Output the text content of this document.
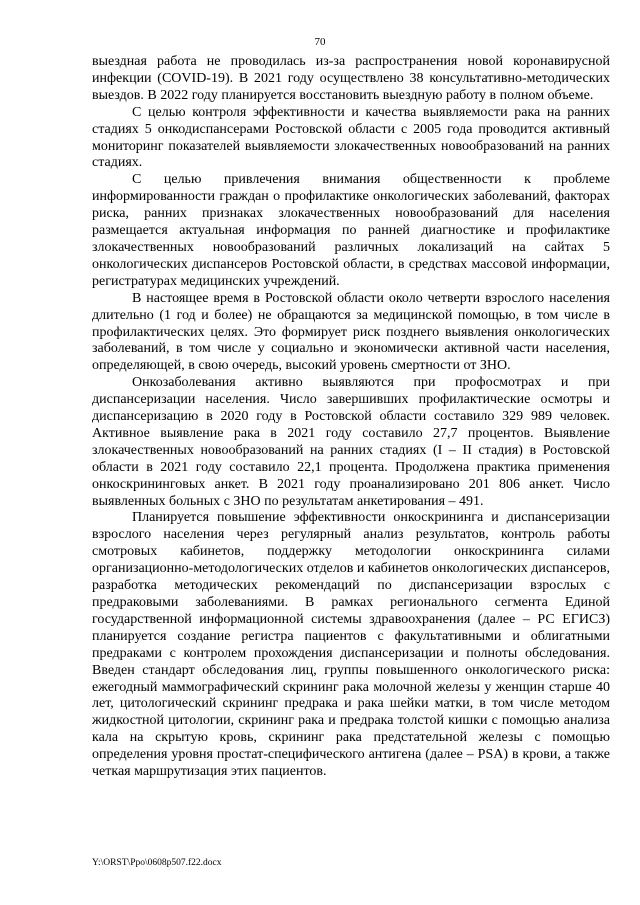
70

выездная работа не проводилась из-за распространения новой коронавирусной инфекции (COVID-19). В 2021 году осуществлено 38 консультативно-методических выездов. В 2022 году планируется восстановить выездную работу в полном объеме.

С целью контроля эффективности и качества выявляемости рака на ранних стадиях 5 онкодиспансерами Ростовской области с 2005 года проводится активный мониторинг показателей выявляемости злокачественных новообразований на ранних стадиях.

С целью привлечения внимания общественности к проблеме информированности граждан о профилактике онкологических заболеваний, факторах риска, ранних признаках злокачественных новообразований для населения размещается актуальная информация по ранней диагностике и профилактике злокачественных новообразований различных локализаций на сайтах 5 онкологических диспансеров Ростовской области, в средствах массовой информации, регистратурах медицинских учреждений.

В настоящее время в Ростовской области около четверти взрослого населения длительно (1 год и более) не обращаются за медицинской помощью, в том числе в профилактических целях. Это формирует риск позднего выявления онкологических заболеваний, в том числе у социально и экономически активной части населения, определяющей, в свою очередь, высокий уровень смертности от ЗНО.

Онкозаболевания активно выявляются при профосмотрах и при диспансеризации населения. Число завершивших профилактические осмотры и диспансеризацию в 2020 году в Ростовской области составило 329 989 человек. Активное выявление рака в 2021 году составило 27,7 процентов. Выявление злокачественных новообразований на ранних стадиях (I – II стадия) в Ростовской области в 2021 году составило 22,1 процента. Продолжена практика применения онкоскрининговых анкет. В 2021 году проанализировано 201 806 анкет. Число выявленных больных с ЗНО по результатам анкетирования – 491.

Планируется повышение эффективности онкоскрининга и диспансеризации взрослого населения через регулярный анализ результатов, контроль работы смотровых кабинетов, поддержку методологии онкоскрининга силами организационно-методологических отделов и кабинетов онкологических диспансеров, разработка методических рекомендаций по диспансеризации взрослых с предраковыми заболеваниями. В рамках регионального сегмента Единой государственной информационной системы здравоохранения (далее – РС ЕГИСЗ) планируется создание регистра пациентов с факультативными и облигатными предраками с контролем прохождения диспансеризации и полноты обследования. Введен стандарт обследования лиц, группы повышенного онкологического риска: ежегодный маммографический скрининг рака молочной железы у женщин старше 40 лет, цитологический скрининг предрака и рака шейки матки, в том числе методом жидкостной цитологии, скрининг рака и предрака толстой кишки с помощью анализа кала на скрытую кровь, скрининг рака предстательной железы с помощью определения уровня простат-специфического антигена (далее – PSA) в крови, а также четкая маршрутизация этих пациентов.

Y:\ORST\Ppo\0608p507.f22.docx
